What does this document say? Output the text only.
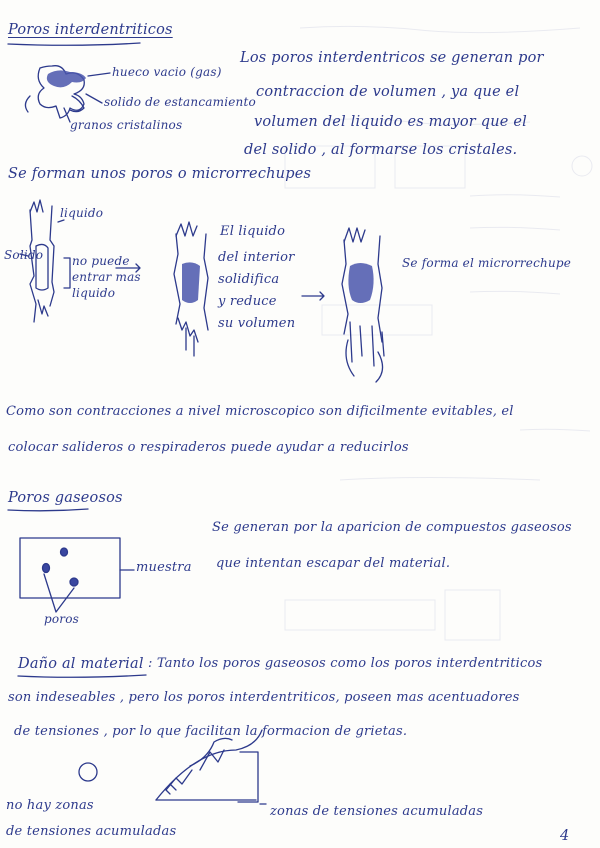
Poros interdentriticos
hueco vacio (gas)
solido de estancamiento
granos cristalinos
Los poros interdentricos se generan por
contraccion de volumen , ya que el
volumen del liquido es mayor que el
del solido , al formarse los cristales.
Se forman unos poros o microrrechupes
liquido
Solido no puede
entrar mas
liquido
El liquido
del interior
solidifica
y reduce
su volumen
Se forma el microrrechupe
Como son contracciones a nivel microscopico son dificilmente evitables, el
colocar salideros o respiraderos puede ayudar a reducirlos
Poros gaseosos
muestra
poros
Se generan por la aparicion de compuestos gaseosos
que intentan escapar del material.
Daño al material : Tanto los poros gaseosos como los poros interdentriticos
son indeseables , pero los poros interdentriticos, poseen mas acentuadores
de tensiones , por lo que facilitan la formacion de grietas.
no hay zonas
de tensiones acumuladas
zonas de tensiones acumuladas
4
